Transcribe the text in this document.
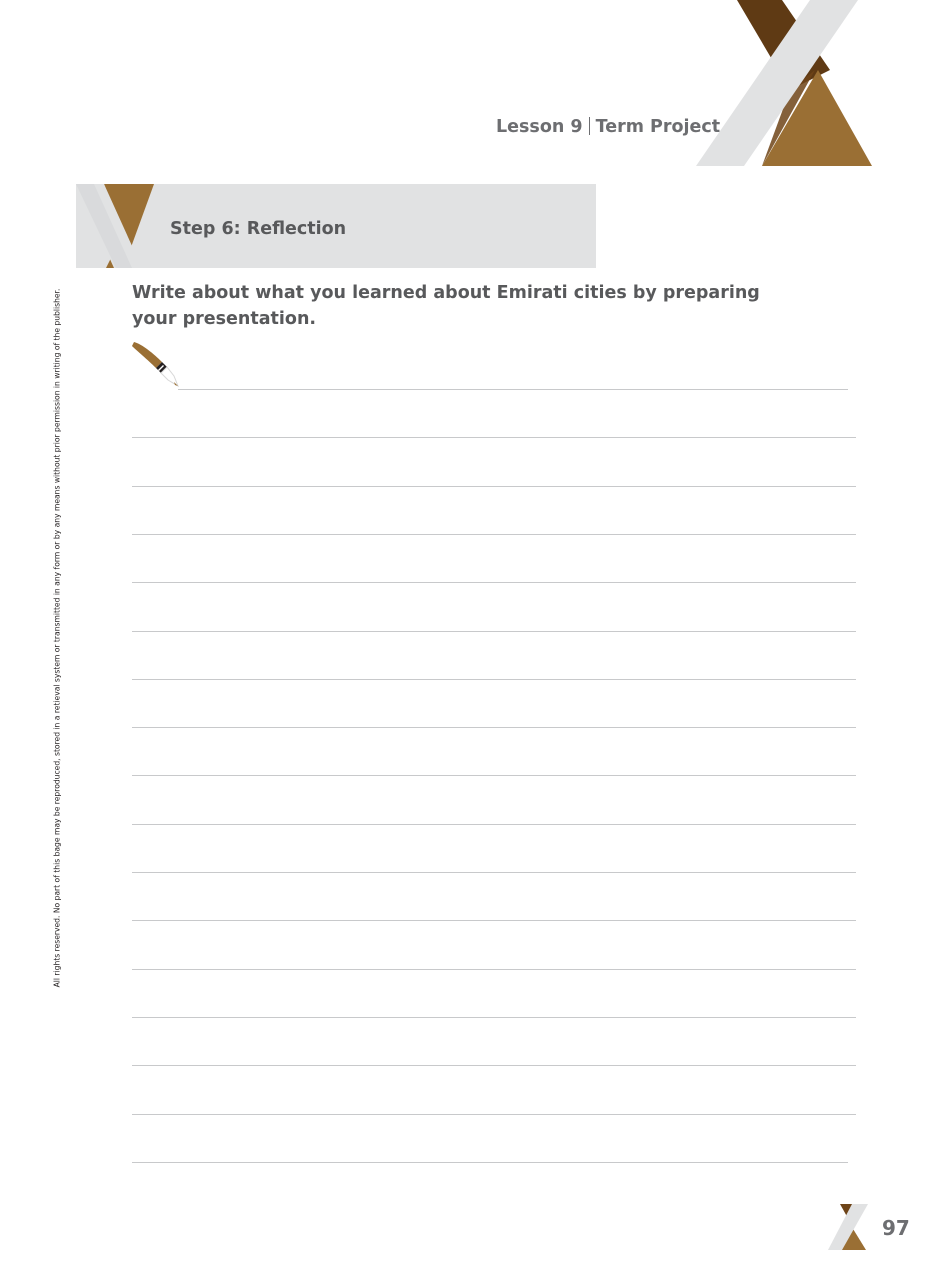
Lesson 9 Term Project
Step 6: Reflection
All rights reserved. No part of this bage may be reproduced, stored in a retieval system or transmitted in any form or by any means without prior permission in writing of the publisher.	Write about what you learned about Emirati cities by preparing your presentation.
97
